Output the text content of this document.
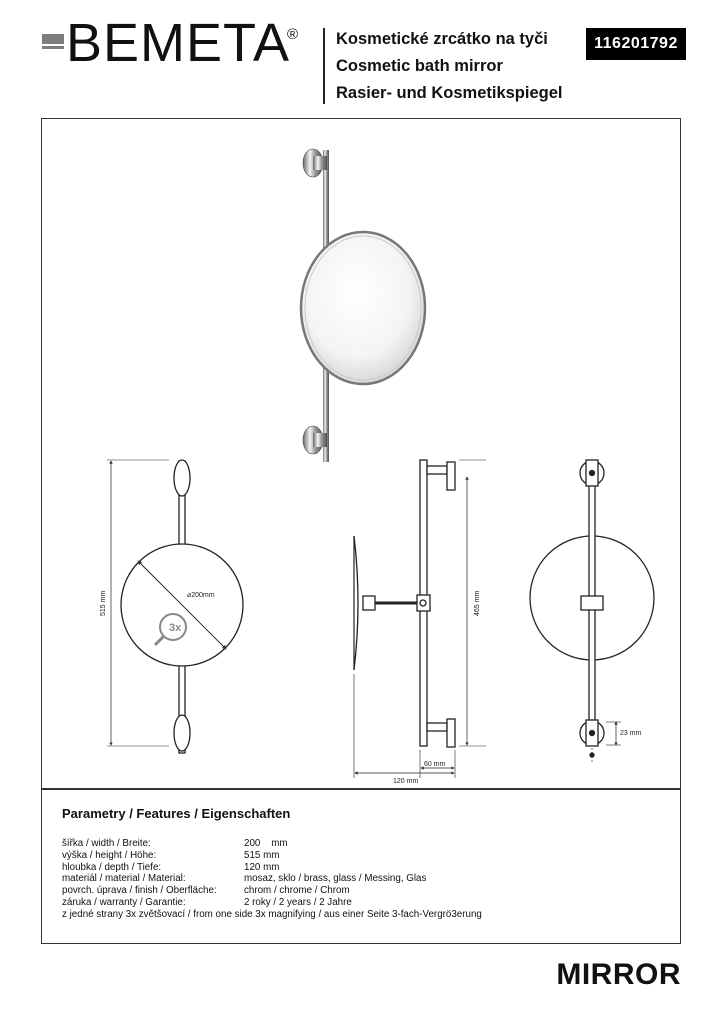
BEMETA
® Kosmetické zrcátko na tyči
Cosmetic bath mirror
Rasier- und Kosmetikspiegel
116201792
⌀200mm
3x
515 mm	465 mm
60 mm
120 mm
23 mm
Parametry / Features / Eigenschaften
šířka / width / Breite:	200    mm
výška / height / Höhe:	515 mm
hloubka / depth / Tiefe:	120 mm
materiál / material / Material:	mosaz, sklo / brass, glass / Messing, Glas
povrch. úprava / finish / Oberfläche:	chrom / chrome / Chrom
záruka / warranty / Garantie:	2 roky / 2 years / 2 Jahre
z jedné strany 3x zvětšovací / from one side 3x magnifying / aus einer Seite 3-fach-Vergrö3erung
MIRROR
